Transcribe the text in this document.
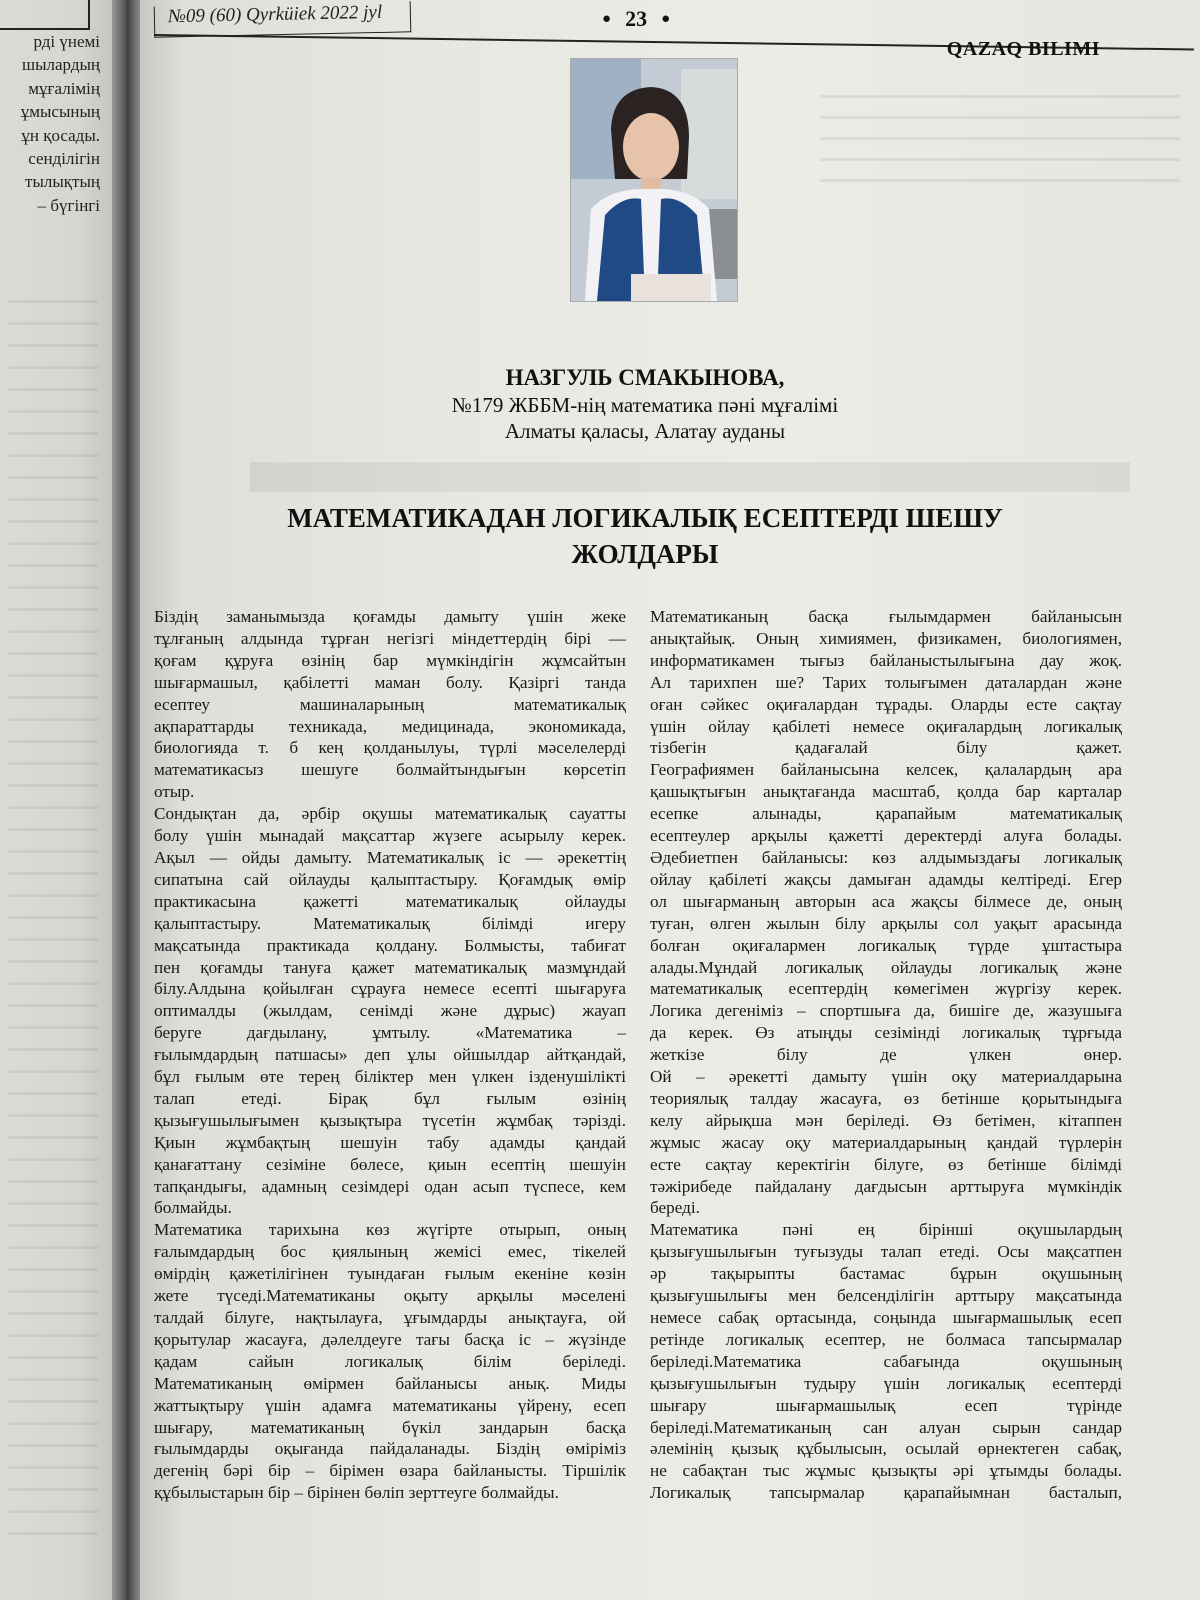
рді үнемі
шылардың
мұғалімің
ұмысының
ұн қосады.
сенділігін
тылықтың
– бүгінгі
№09 (60) Qyrküiek 2022 jyl	● 23 ●
QAZAQ BILIMI
НАЗГУЛЬ СМАКЫНОВА,
№179 ЖББМ-нің математика пәні мұғалімі
Алматы қаласы, Алатау ауданы
МАТЕМАТИКАДАН ЛОГИКАЛЫҚ ЕСЕПТЕРДІ ШЕШУ
ЖОЛДАРЫ

Біздің заманымызда қоғамды дамыту үшін жеке

тұлғаның алдында тұрған негізгі міндеттердің бірі —

қоғам құруға өзінің бар мүмкіндігін жұмсайтын

шығармашыл, қабілетті маман болу. Қазіргі танда

есептеу машиналарының математикалық

ақпараттарды техникада, медицинада, экономикада,

биологияда т. б кең қолданылуы, түрлі мәселелерді

математикасыз шешуге болмайтындығын көрсетіп

отыр.

Сондықтан да, әрбір оқушы математикалық сауатты

болу үшін мынадай мақсаттар жүзеге асырылу керек.

Ақыл — ойды дамыту. Математикалық іс — әрекеттің

сипатына сай ойлауды қалыптастыру. Қоғамдық өмір

практикасына қажетті математикалық ойлауды

қалыптастыру. Математикалық білімді игеру

мақсатында практикада қолдану. Болмысты, табиғат

пен қоғамды тануға қажет математикалық мазмұндай

білу.Алдына қойылған сұрауға немесе есепті шығаруға

оптималды (жылдам, сенімді және дұрыс) жауап

беруге дағдылану, ұмтылу. «Математика –

ғылымдардың патшасы» деп ұлы ойшылдар айтқандай,

бұл ғылым өте терең біліктер мен үлкен ізденушілікті

талап етеді. Бірақ бұл ғылым өзінің

қызығушылығымен қызықтыра түсетін жұмбақ тәрізді.

Қиын жұмбақтың шешуін табу адамды қандай

қанағаттану сезіміне бөлесе, қиын есептің шешуін

тапқандығы, адамның сезімдері одан асып түспесе, кем

болмайды.

Математика тарихына көз жүгірте отырып, оның

ғалымдардың бос қиялының жемісі емес, тікелей

өмірдің қажетілігінен туындаған ғылым екеніне көзін

жете түседі.Математиканы оқыту арқылы мәселені

талдай білуге, нақтылауға, ұғымдарды анықтауға, ой

қорытулар жасауға, дәлелдеуге тағы басқа іс – жүзінде

қадам сайын логикалық білім беріледі.

Математиканың өмірмен байланысы анық. Миды

жаттықтыру үшін адамға математиканы үйрену, есеп

шығару, математиканың бүкіл зандарын басқа

ғылымдарды оқығанда пайдаланады. Біздің өміріміз

дегенің бәрі бір – бірімен өзара байланысты. Тіршілік

құбылыстарын бір – бірінен бөліп зерттеуге болмайды.

Математиканың басқа ғылымдармен байланысын

анықтайық. Оның химиямен, физикамен, биологиямен,

информатикамен тығыз байланыстылығына дау жоқ.

Ал тарихпен ше? Тарих толығымен даталардан және

оған сәйкес оқиғалардан тұрады. Оларды есте сақтау

үшін ойлау қабілеті немесе оқиғалардың логикалық

тізбегін қадағалай білу қажет.

Географиямен байланысына келсек, қалалардың ара

қашықтығын анықтағанда масштаб, қолда бар карталар

есепке алынады, қарапайым математикалық

есептеулер арқылы қажетті деректерді алуға болады.

Әдебиетпен байланысы: көз алдымыздағы логикалық

ойлау қабілеті жақсы дамыған адамды келтіреді. Егер

ол шығарманың авторын аса жақсы білмесе де, оның

туған, өлген жылын білу арқылы сол уақыт арасында

болған оқиғалармен логикалық түрде ұштастыра

алады.Мұндай логикалық ойлауды логикалық және

математикалық есептердің көмегімен жүргізу керек.

Логика дегеніміз – спортшыға да, бишіге де, жазушыға

да керек. Өз атыңды сезімінді логикалық тұрғыда

жеткізе білу де үлкен өнер.

Ой – әрекетті дамыту үшін оқу материалдарына

теориялық талдау жасауға, өз бетінше қорытындыға

келу айрықша мән беріледі. Өз бетімен, кітаппен

жұмыс жасау оқу материалдарының қандай түрлерін

есте сақтау керектігін білуге, өз бетінше білімді

тәжірибеде пайдалану дағдысын арттыруға мүмкіндік

береді.

Математика пәні ең бірінші оқушылардың

қызығушылығын туғызуды талап етеді. Осы мақсатпен

әр тақырыпты бастамас бұрын оқушының

қызығушылығы мен белсенділігін арттыру мақсатында

немесе сабақ ортасында, соңында шығармашылық есеп

ретінде логикалық есептер, не болмаса тапсырмалар

беріледі.Математика сабағында оқушының

қызығушылығын тудыру үшін логикалық есептерді

шығару шығармашылық есеп түрінде

беріледі.Математиканың сан алуан сырын сандар

әлемінің қызық құбылысын, осылай өрнектеген сабақ,

не сабақтан тыс жұмыс қызықты әрі ұтымды болады.

Логикалық тапсырмалар қарапайымнан басталып,
